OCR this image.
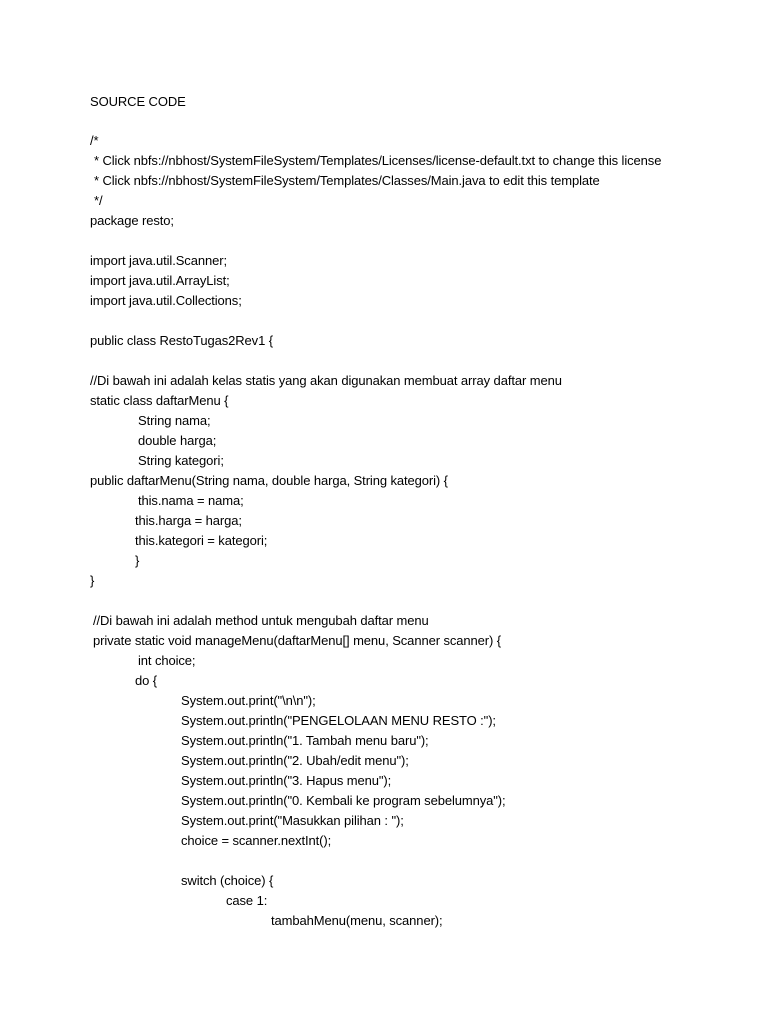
SOURCE CODE
/*
* Click nbfs://nbhost/SystemFileSystem/Templates/Licenses/license-default.txt to change this license
* Click nbfs://nbhost/SystemFileSystem/Templates/Classes/Main.java to edit this template
*/
package resto;
import java.util.Scanner;
import java.util.ArrayList;
import java.util.Collections;
public class RestoTugas2Rev1 {
//Di bawah ini adalah kelas statis yang akan digunakan membuat array daftar menu
static class daftarMenu {
String nama;
double harga;
String kategori;
public daftarMenu(String nama, double harga, String kategori) {
this.nama = nama;
this.harga = harga;
this.kategori = kategori;
}
}
//Di bawah ini adalah method untuk mengubah daftar menu
private static void manageMenu(daftarMenu[] menu, Scanner scanner) {
int choice;
do {
System.out.print("\n\n");
System.out.println("PENGELOLAAN MENU RESTO :");
System.out.println("1. Tambah menu baru");
System.out.println("2. Ubah/edit menu");
System.out.println("3. Hapus menu");
System.out.println("0. Kembali ke program sebelumnya");
System.out.print("Masukkan pilihan : ");
choice = scanner.nextInt();
switch (choice) {
case 1:
tambahMenu(menu, scanner);
